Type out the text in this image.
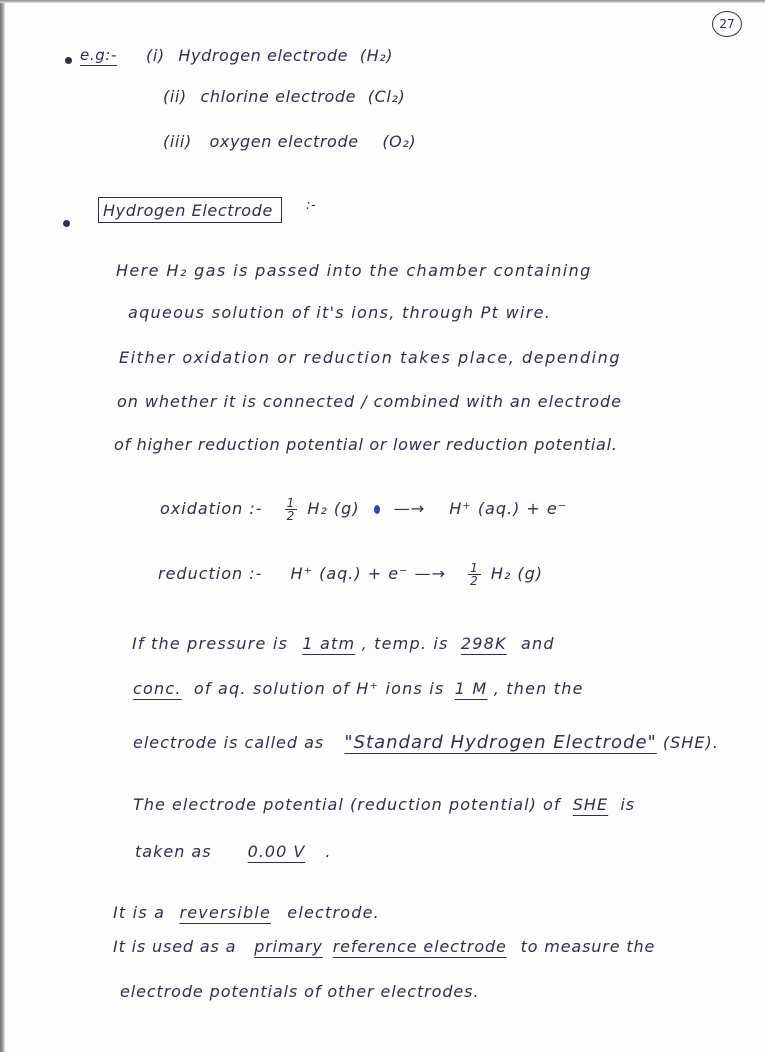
27
e.g:- (i) Hydrogen electrode (H₂)
(ii) chlorine electrode (Cl₂)
(iii) oxygen electrode (O₂)
Hydrogen Electrode	:-
Here H₂ gas is passed into the chamber containing
aqueous solution of it's ions, through Pt wire.
Either oxidation or reduction takes place, depending
on whether it is connected / combined with an electrode
of higher reduction potential or lower reduction potential.
oxidation :- $\frac{1}{2} H_2$ (g) —→ H⁺ (aq.) + e⁻
reduction :- H⁺ (aq.) + e⁻ —→ $\frac{1}{2} H_2$ (g)
If the pressure is 1 atm , temp. is 298K and
conc. of aq. solution of H⁺ ions is 1 M , then the
electrode is called as "Standard Hydrogen Electrode" (SHE).
The electrode potential (reduction potential) of SHE is
taken as 0.00 V .
It is a reversible electrode.
It is used as a primary reference electrode to measure the
electrode potentials of other electrodes.
